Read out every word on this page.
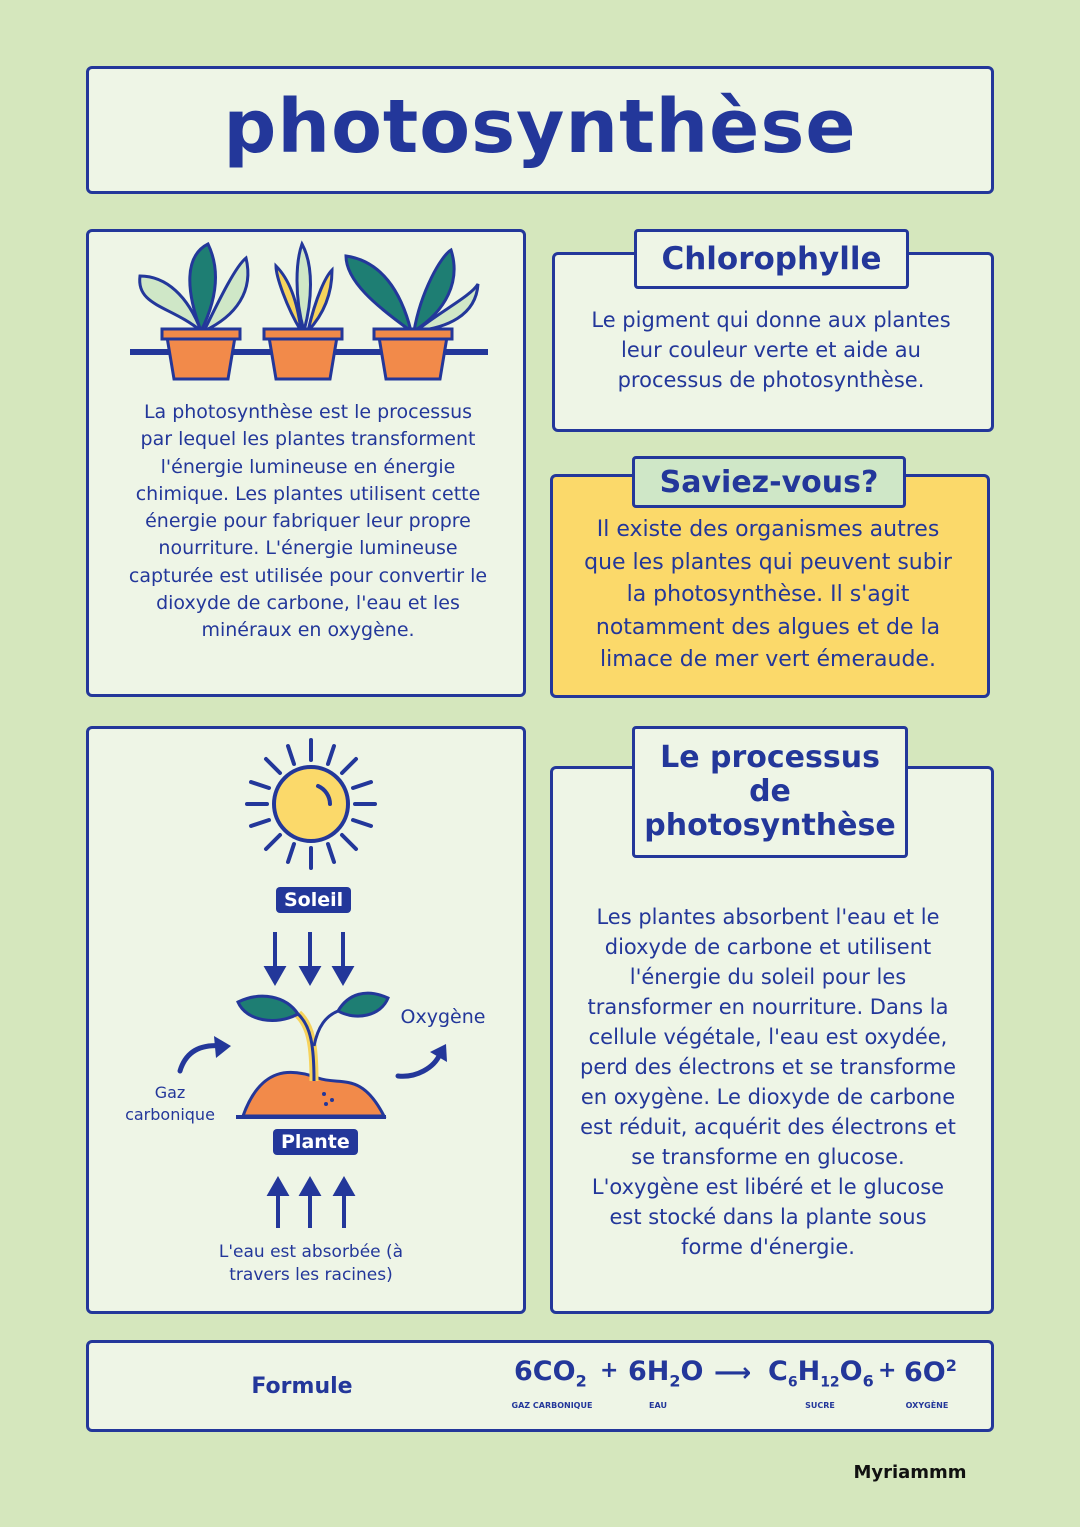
photosynthèse
La photosynthèse est le processus par lequel les plantes transforment l'énergie lumineuse en énergie chimique. Les plantes utilisent cette énergie pour fabriquer leur propre nourriture. L'énergie lumineuse capturée est utilisée pour convertir le dioxyde de carbone, l'eau et les minéraux en oxygène.
Chlorophylle
Le pigment qui donne aux plantes leur couleur verte et aide au processus de photosynthèse.
Saviez-vous?
Il existe des organismes autres que les plantes qui peuvent subir la photosynthèse. Il s'agit notamment des algues et de la limace de mer vert émeraude.
Soleil
Plante
Oxygène
Gaz carbonique
L'eau est absorbée (à travers les racines)
Le processus
de
photosynthèse
Les plantes absorbent l'eau et le dioxyde de carbone et utilisent l'énergie du soleil pour les transformer en nourriture. Dans la cellule végétale, l'eau est oxydée, perd des électrons et se transforme en oxygène. Le dioxyde de carbone est réduit, acquérit des électrons et se transforme en glucose. L'oxygène est libéré et le glucose est stocké dans la plante sous forme d'énergie.
Formule	$6CO_2 + 6H_2O$ ⟶ $C_6H_{12}O_6 + 6O^2$
GAZ CARBONIQUE	EAU	SUCRE	OXYGÈNE
Myriammm
